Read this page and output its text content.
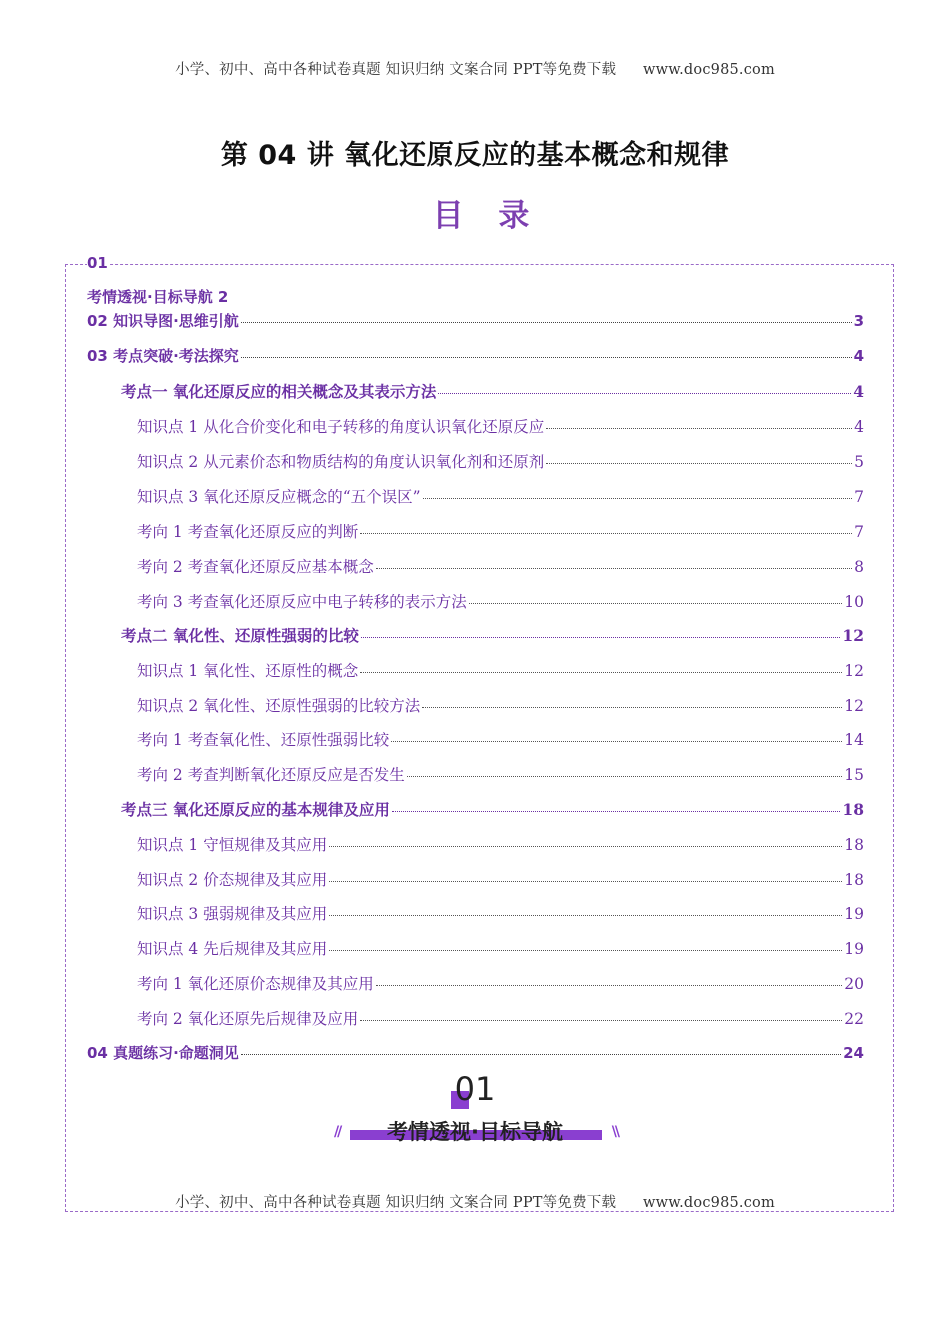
小学、初中、高中各种试卷真题 知识归纳 文案合同 PPT等免费下载 www.doc985.com
第 04 讲 氧化还原反应的基本概念和规律
目 录
01
考情透视·目标导航 2
02 知识导图·思维引航	3
03 考点突破·考法探究	4
考点一 氧化还原反应的相关概念及其表示方法	4
知识点 1 从化合价变化和电子转移的角度认识氧化还原反应	4
知识点 2 从元素价态和物质结构的角度认识氧化剂和还原剂	5
知识点 3 氧化还原反应概念的“五个误区”	7
考向 1 考查氧化还原反应的判断	7
考向 2 考查氧化还原反应基本概念	8
考向 3 考查氧化还原反应中电子转移的表示方法	10
考点二 氧化性、还原性强弱的比较	12
知识点 1 氧化性、还原性的概念	12
知识点 2 氧化性、还原性强弱的比较方法	12
考向 1 考查氧化性、还原性强弱比较	14
考向 2 考查判断氧化还原反应是否发生	15
考点三 氧化还原反应的基本规律及应用	18
知识点 1 守恒规律及其应用	18
知识点 2 价态规律及其应用	18
知识点 3 强弱规律及其应用	19
知识点 4 先后规律及其应用	19
考向 1 氧化还原价态规律及其应用	20
考向 2 氧化还原先后规律及应用	22
04 真题练习·命题洞见	24
01
//	考情透视·目标导航	\\
小学、初中、高中各种试卷真题 知识归纳 文案合同 PPT等免费下载 www.doc985.com
